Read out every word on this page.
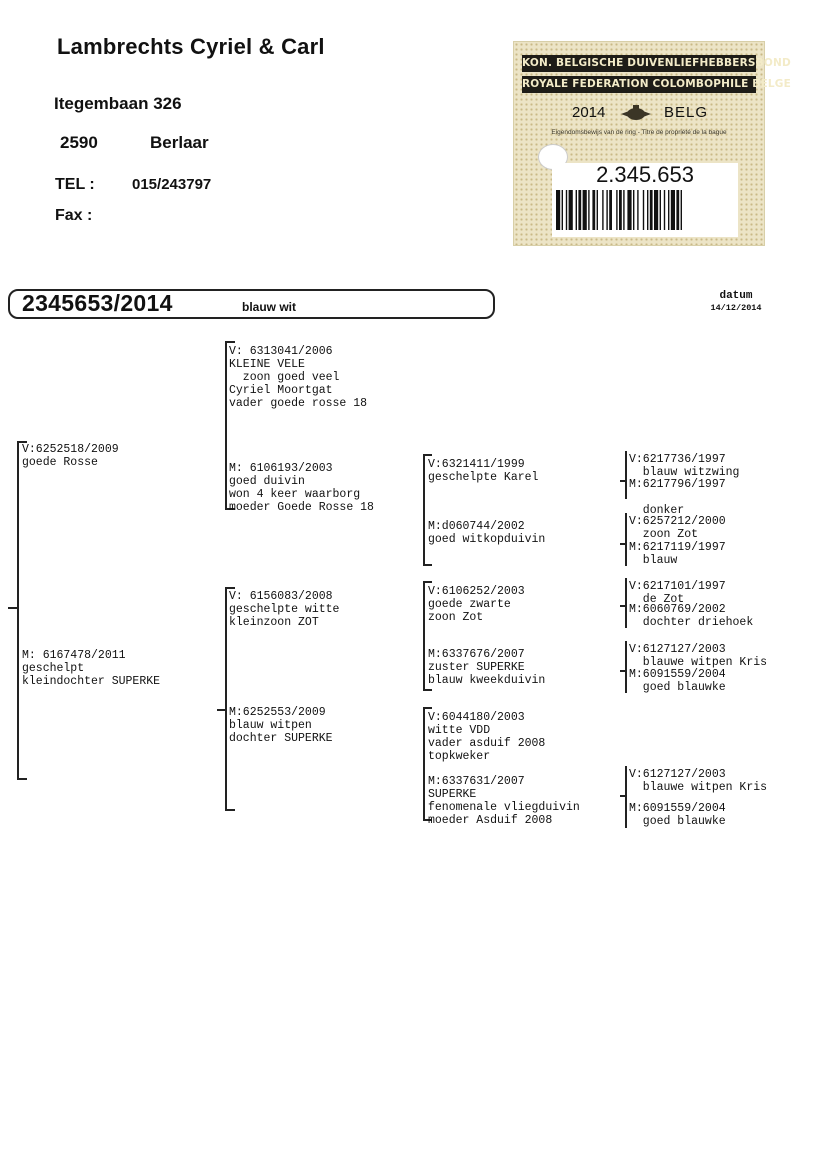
Lambrechts Cyriel & Carl
Itegembaan 326
2590	Berlaar
TEL : 015/243797
Fax :
KON. BELGISCHE DUIVENLIEFHEBBERSBOND
ROYALE FEDERATION COLOMBOPHILE BELGE
2014	BELG
Eigendomsbewijs van de ring - Titre de propriété de la bague
2.345.653
2345653/2014	blauw wit
datum
14/12/2014
V:6252518/2009
goede Rosse
M: 6167478/2011
geschelpt
kleindochter SUPERKE
V: 6313041/2006
KLEINE VELE
zoon goed veel
Cyriel Moortgat
vader goede rosse 18
M: 6106193/2003
goed duivin
won 4 keer waarborg
moeder Goede Rosse 18
V: 6156083/2008
geschelpte witte
kleinzoon ZOT
M:6252553/2009
blauw witpen
dochter SUPERKE
V:6321411/1999
geschelpte Karel
M:d060744/2002
goed witkopduivin
V:6106252/2003
goede zwarte
zoon Zot
M:6337676/2007
zuster SUPERKE
blauw kweekduivin
V:6044180/2003
witte VDD
vader asduif 2008
topkweker
M:6337631/2007
SUPERKE
fenomenale vliegduivin
moeder Asduif 2008
V:6217736/1997
blauw witzwing
M:6217796/1997

donker
V:6257212/2000
zoon Zot
M:6217119/1997
blauw
V:6217101/1997
de Zot
M:6060769/2002
dochter driehoek
V:6127127/2003
blauwe witpen Kris
M:6091559/2004
goed blauwke
V:6127127/2003
blauwe witpen Kris
M:6091559/2004
goed blauwke
